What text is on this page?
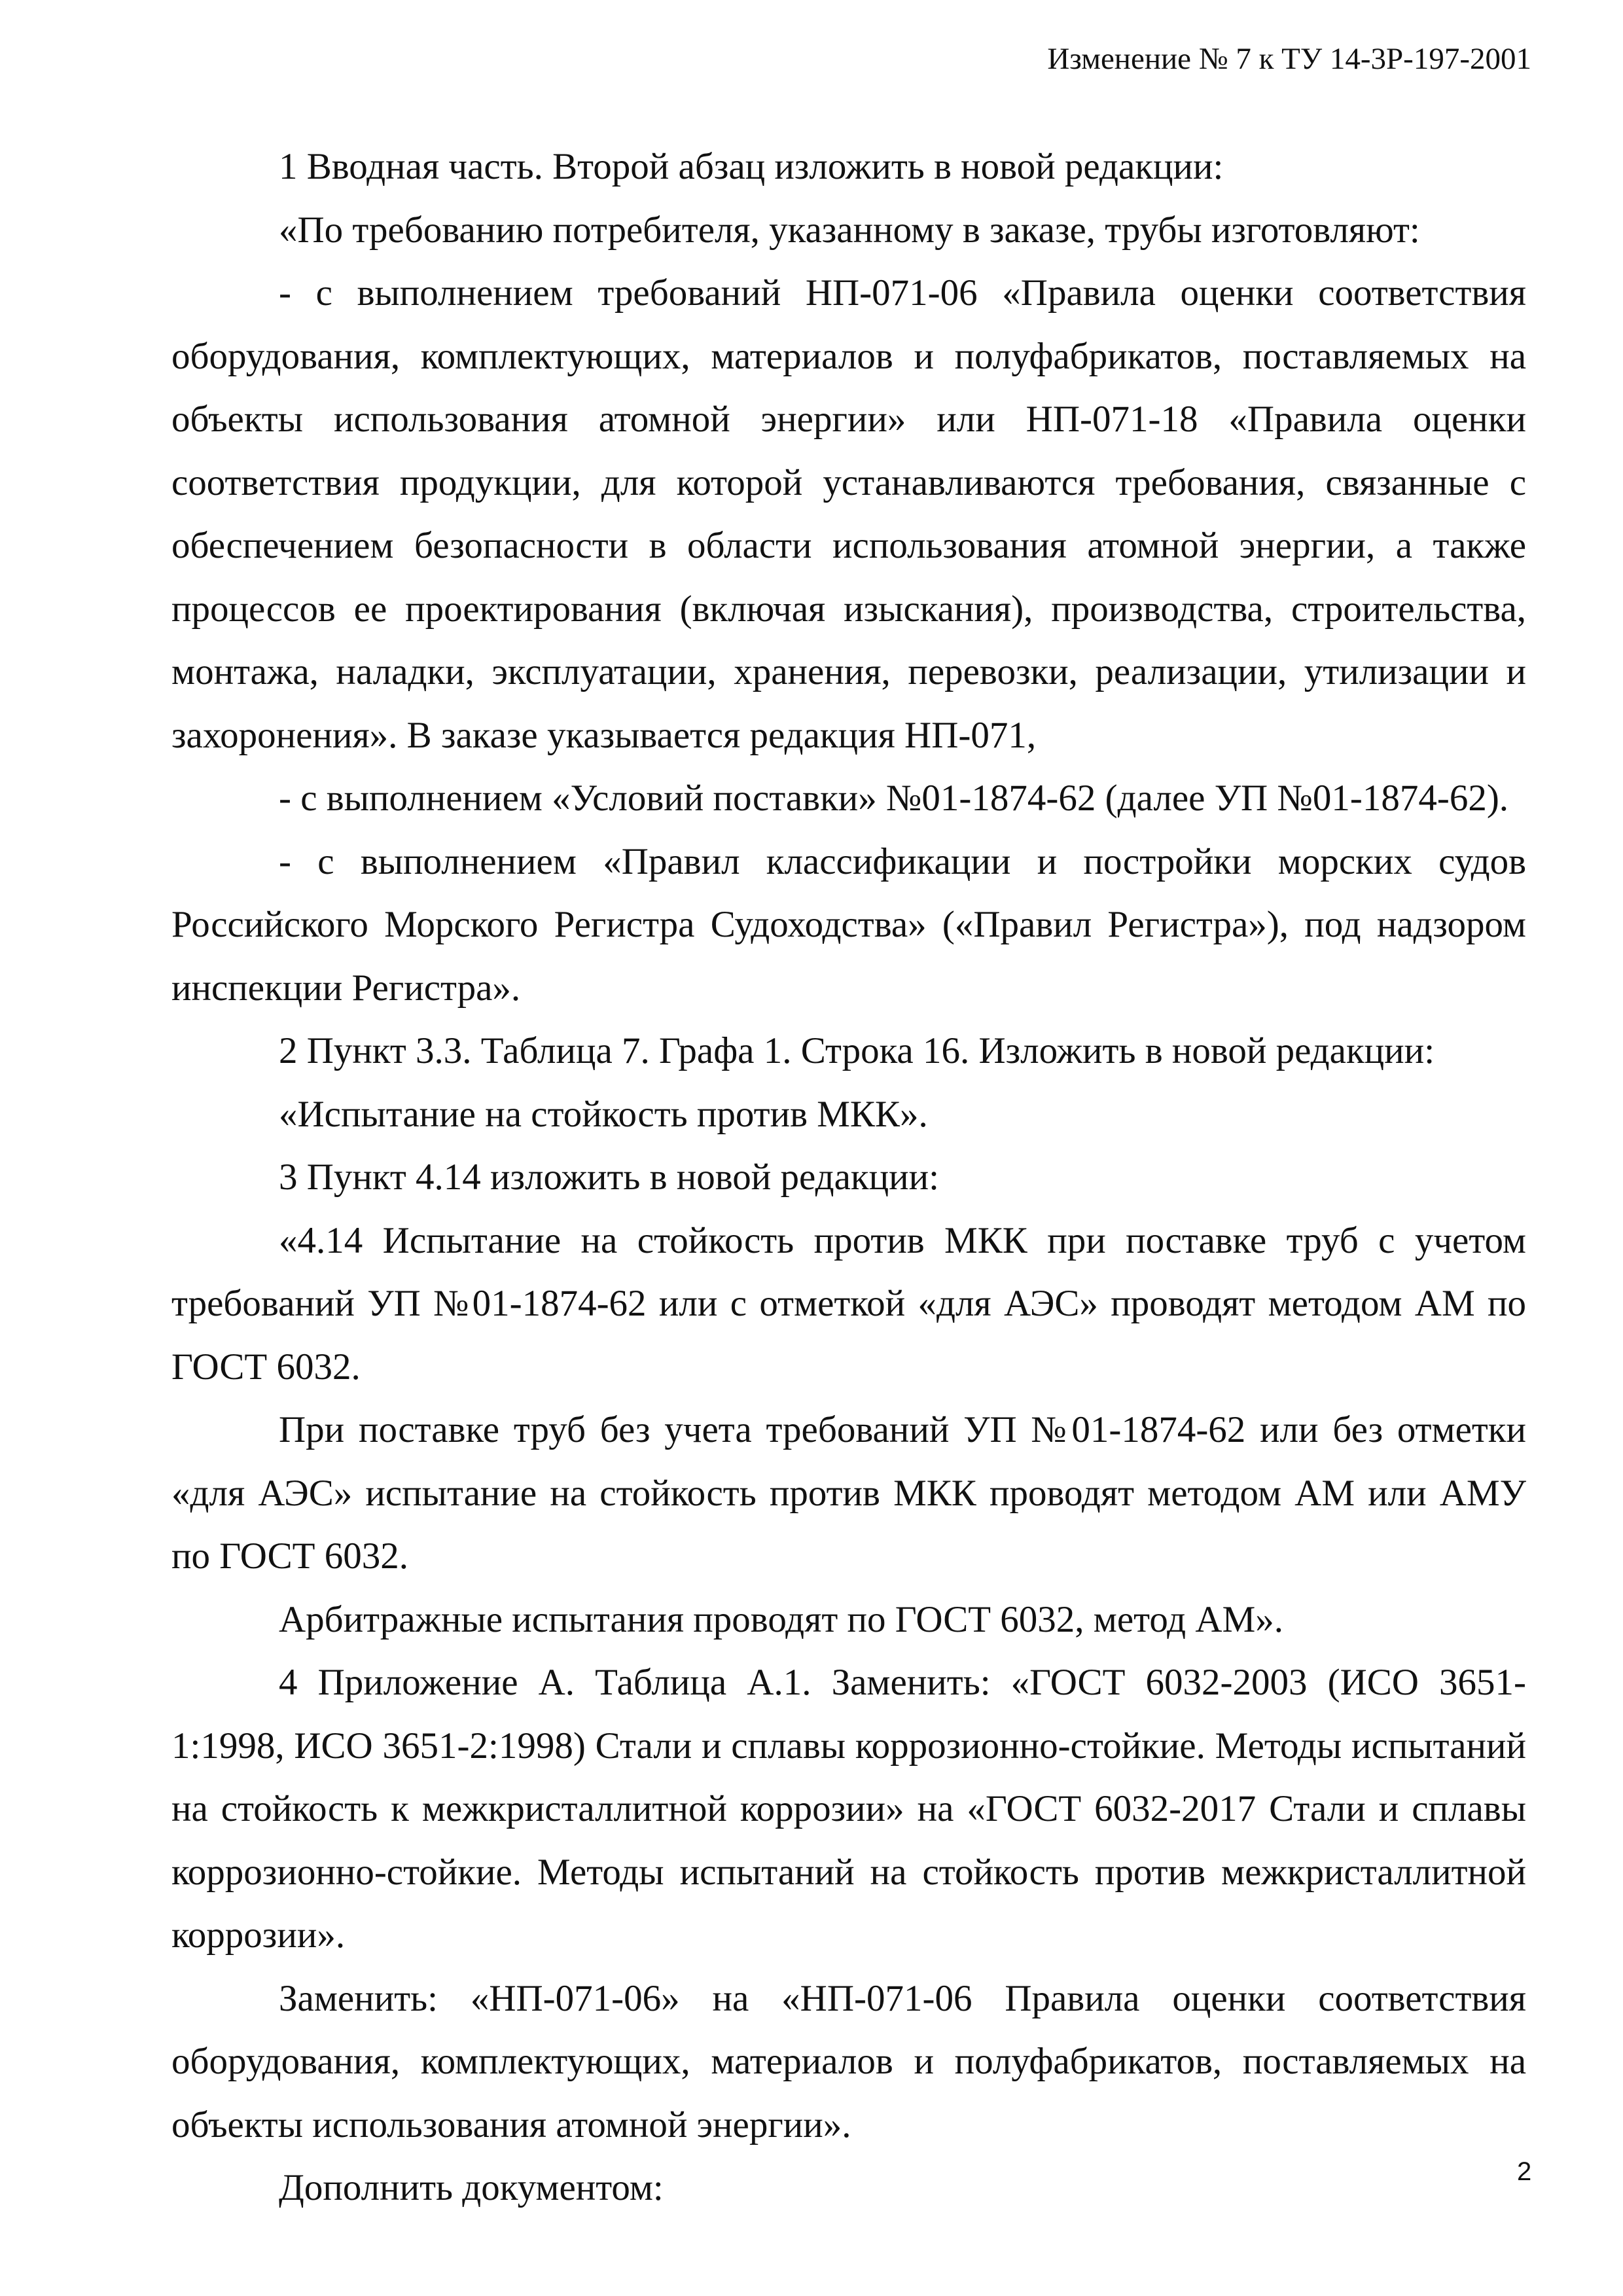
Изменение № 7 к ТУ 14-3Р-197-2001

1 Вводная часть. Второй абзац изложить в новой редакции:

«По требованию потребителя, указанному в заказе, трубы изготовляют:

- с выполнением требований НП-071-06 «Правила оценки соответствия оборудования, комплектующих, материалов и полуфабрикатов, поставляемых на объекты использования атомной энергии» или НП-071-18 «Правила оценки соответствия продукции, для которой устанавливаются требования, связанные с обеспечением безопасности в области использования атомной энергии, а также процессов ее проектирования (включая изыскания), производства, строительства, монтажа, наладки, эксплуатации, хранения, перевозки, реализации, утилизации и захоронения». В заказе указывается редакция НП-071,

- с выполнением «Условий поставки» №01-1874-62 (далее УП №01-1874-62).

- с выполнением «Правил классификации и постройки морских судов Российского Морского Регистра Судоходства» («Правил Регистра»), под надзором инспекции Регистра».

2 Пункт 3.3. Таблица 7. Графа 1. Строка 16. Изложить в новой редакции:

«Испытание на стойкость против МКК».

3 Пункт 4.14 изложить в новой редакции:

«4.14 Испытание на стойкость против МКК при поставке труб с учетом требований УП №01-1874-62 или с отметкой «для АЭС» проводят методом АМ по ГОСТ 6032.

При поставке труб без учета требований УП №01-1874-62 или без отметки «для АЭС» испытание на стойкость против МКК проводят методом АМ или АМУ по ГОСТ 6032.

Арбитражные испытания проводят по ГОСТ 6032, метод АМ».

4 Приложение А. Таблица А.1. Заменить: «ГОСТ 6032-2003 (ИСО 3651-1:1998, ИСО 3651-2:1998) Стали и сплавы коррозионно-стойкие. Методы испытаний на стойкость к межкристаллитной коррозии» на «ГОСТ 6032-2017 Стали и сплавы коррозионно-стойкие. Методы испытаний на стойкость против межкристаллитной коррозии».

Заменить: «НП-071-06» на «НП-071-06 Правила оценки соответствия оборудования, комплектующих, материалов и полуфабрикатов, поставляемых на объекты использования атомной энергии».

Дополнить документом:	2
